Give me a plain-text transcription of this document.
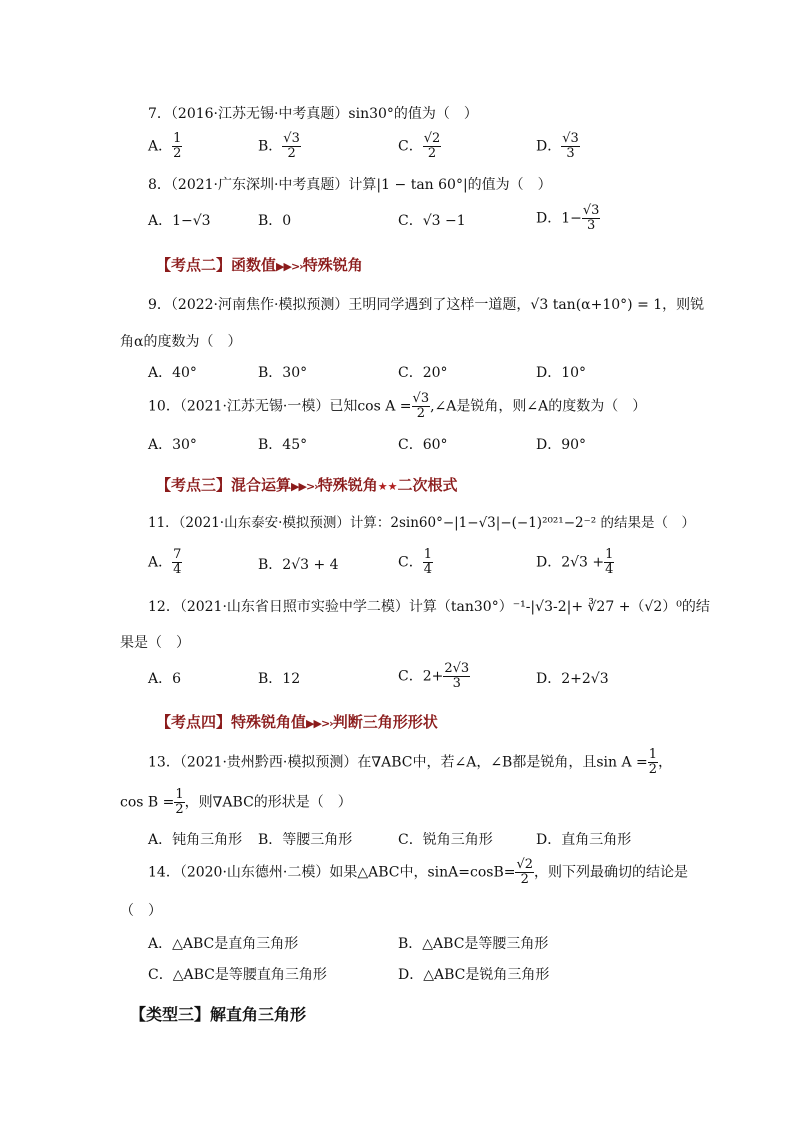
7．（2016·江苏无锡·中考真题）sin30°的值为（　）
A． $\frac{1}{2}$	B． $\frac{√3}{2}$	C． $\frac{√2}{2}$	D． $\frac{√3}{3}$
8．（2021·广东深圳·中考真题）计算|1 − tan 60°|的值为（　）
A．1−√3	B．0	C．√3 −1	D．$1- \frac{√3}{3}$
【考点二】函数值▶▶>›特殊锐角
9．（2022·河南焦作·模拟预测）王明同学遇到了这样一道题，√3 tan(α+10°) = 1，则锐
角α的度数为（　）
A．40°	B．30°	C．20°	D．10°
10．（2021·江苏无锡·一模）已知$\cos A = \frac{√3}{2}$ ,∠A是锐角，则∠A的度数为（　）
A．30°	B．45°	C．60°	D．90°
【考点三】混合运算▶▶>›特殊锐角★★二次根式
11．（2021·山东泰安·模拟预测）计算：2sin60°−|1−√3|−(−1)²⁰²¹−2⁻² 的结果是（　）
A． $\frac{7}{4}$	B．2√3 + 4	C． $\frac{1}{4}$	D．$2√3 + \frac{1}{4}$
12．（2021·山东省日照市实验中学二模）计算（tan30°）⁻¹-|√3-2|+ ∛27 +（√2）⁰的结
果是（　）
A．6	B．12	C．$2+ \frac{2√3}{3}$	D．2+2√3
【考点四】特殊锐角值▶▶>›判断三角形形状
13．（2021·贵州黔西·模拟预测）在∇ABC中，若∠A，∠B都是锐角，且$\sin A = \frac{1}{2}$ ，
$\cos B = \frac{1}{2}$ ，则∇ABC的形状是（　）
A．钝角三角形 B．等腰三角形	C．锐角三角形	D．直角三角形
14．（2020·山东德州·二模）如果△ABC中，$\sin A=\cos B= \frac{√2}{2}$ ，则下列最确切的结论是
（　）
A．△ABC是直角三角形	B．△ABC是等腰三角形
C．△ABC是等腰直角三角形	D．△ABC是锐角三角形
【类型三】解直角三角形
